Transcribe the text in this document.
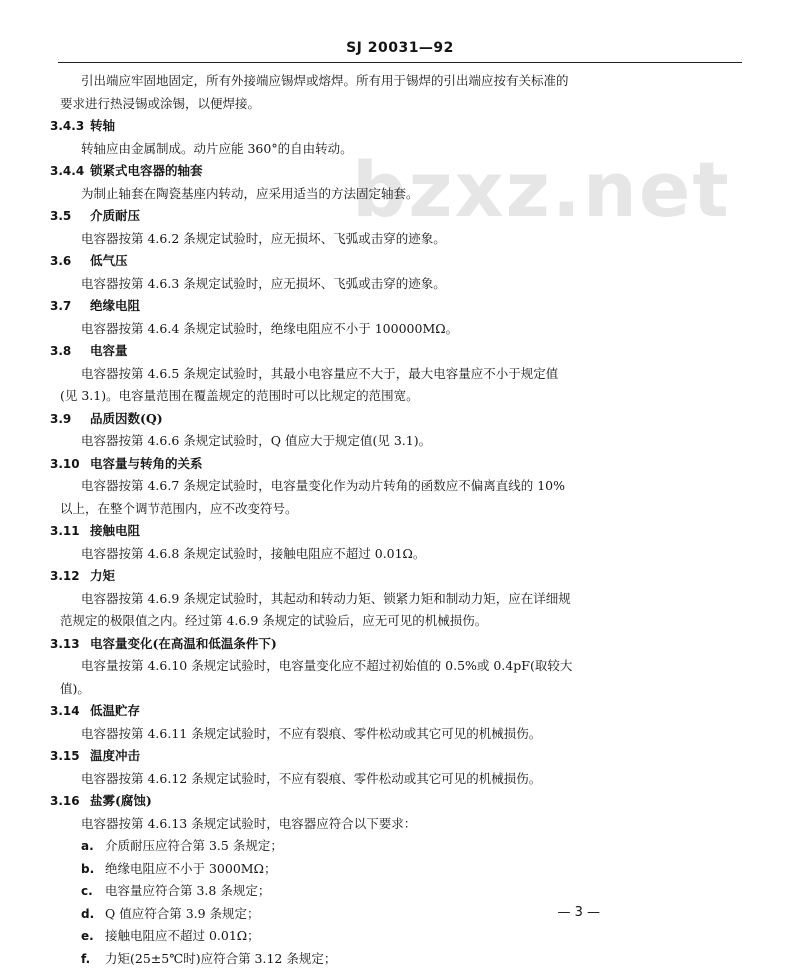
SJ 20031—92
bzxz.net
引出端应牢固地固定，所有外接端应锡焊或熔焊。所有用于锡焊的引出端应按有关标准的
要求进行热浸锡或涂锡，以便焊接。
3.4.3 转轴
转轴应由金属制成。动片应能 360°的自由转动。
3.4.4 锁紧式电容器的轴套
为制止轴套在陶瓷基座内转动，应采用适当的方法固定轴套。
3.5 介质耐压
电容器按第 4.6.2 条规定试验时，应无损坏、飞弧或击穿的迹象。
3.6 低气压
电容器按第 4.6.3 条规定试验时，应无损坏、飞弧或击穿的迹象。
3.7 绝缘电阻
电容器按第 4.6.4 条规定试验时，绝缘电阻应不小于 100000MΩ。
3.8 电容量
电容器按第 4.6.5 条规定试验时，其最小电容量应不大于，最大电容量应不小于规定值
(见 3.1)。电容量范围在覆盖规定的范围时可以比规定的范围宽。
3.9 品质因数(Q)
电容器按第 4.6.6 条规定试验时，Q 值应大于规定值(见 3.1)。
3.10 电容量与转角的关系
电容器按第 4.6.7 条规定试验时，电容量变化作为动片转角的函数应不偏离直线的 10%
以上，在整个调节范围内，应不改变符号。
3.11 接触电阻
电容器按第 4.6.8 条规定试验时，接触电阻应不超过 0.01Ω。
3.12 力矩
电容器按第 4.6.9 条规定试验时，其起动和转动力矩、锁紧力矩和制动力矩，应在详细规
范规定的极限值之内。经过第 4.6.9 条规定的试验后，应无可见的机械损伤。
3.13 电容量变化(在高温和低温条件下)
电容量按第 4.6.10 条规定试验时，电容量变化应不超过初始值的 0.5%或 0.4pF(取较大
值)。
3.14 低温贮存
电容器按第 4.6.11 条规定试验时，不应有裂痕、零件松动或其它可见的机械损伤。
3.15 温度冲击
电容器按第 4.6.12 条规定试验时，不应有裂痕、零件松动或其它可见的机械损伤。
3.16 盐雾(腐蚀)
电容器按第 4.6.13 条规定试验时，电容器应符合以下要求：
a. 介质耐压应符合第 3.5 条规定；
b. 绝缘电阻应不小于 3000MΩ；
c. 电容量应符合第 3.8 条规定；
d. Q 值应符合第 3.9 条规定；
e. 接触电阻应不超过 0.01Ω；
f. 力矩(25±5℃时)应符合第 3.12 条规定；
— 3 —
